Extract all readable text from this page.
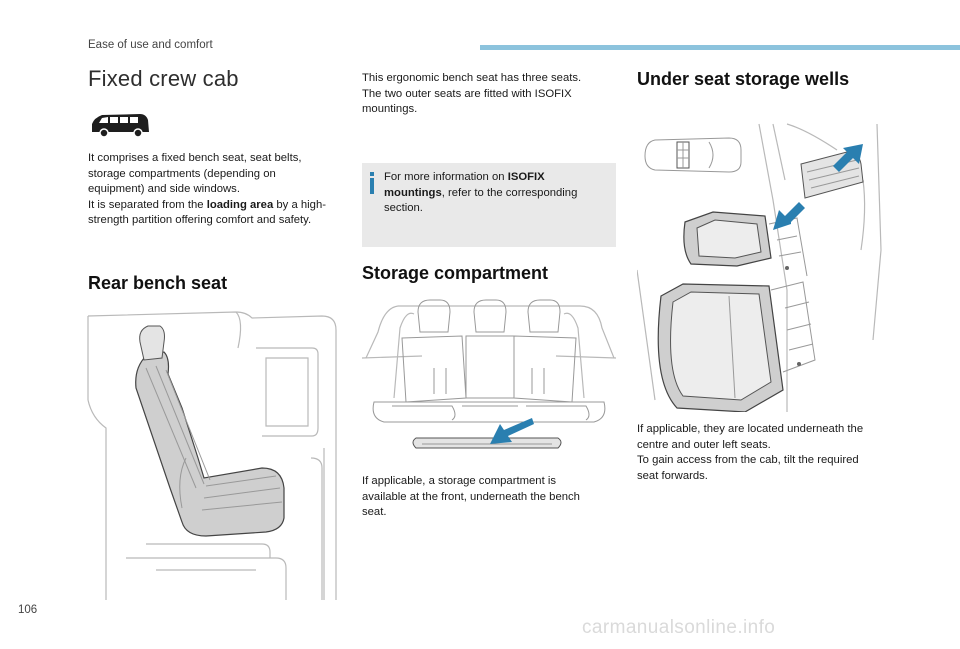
Ease of use and comfort
Fixed crew cab
It comprises a fixed bench seat, seat belts,
storage compartments (depending on
equipment) and side windows.
It is separated from the loading area by a high-
strength partition offering comfort and safety.
Rear bench seat
This ergonomic bench seat has three seats.
The two outer seats are fitted with ISOFIX
mountings.
For more information on ISOFIX
mountings, refer to the corresponding
section.
Storage compartment
If applicable, a storage compartment is
available at the front, underneath the bench
seat.
Under seat storage wells
If applicable, they are located underneath the
centre and outer left seats.
To gain access from the cab, tilt the required
seat forwards.
106
carmanualsonline.info
